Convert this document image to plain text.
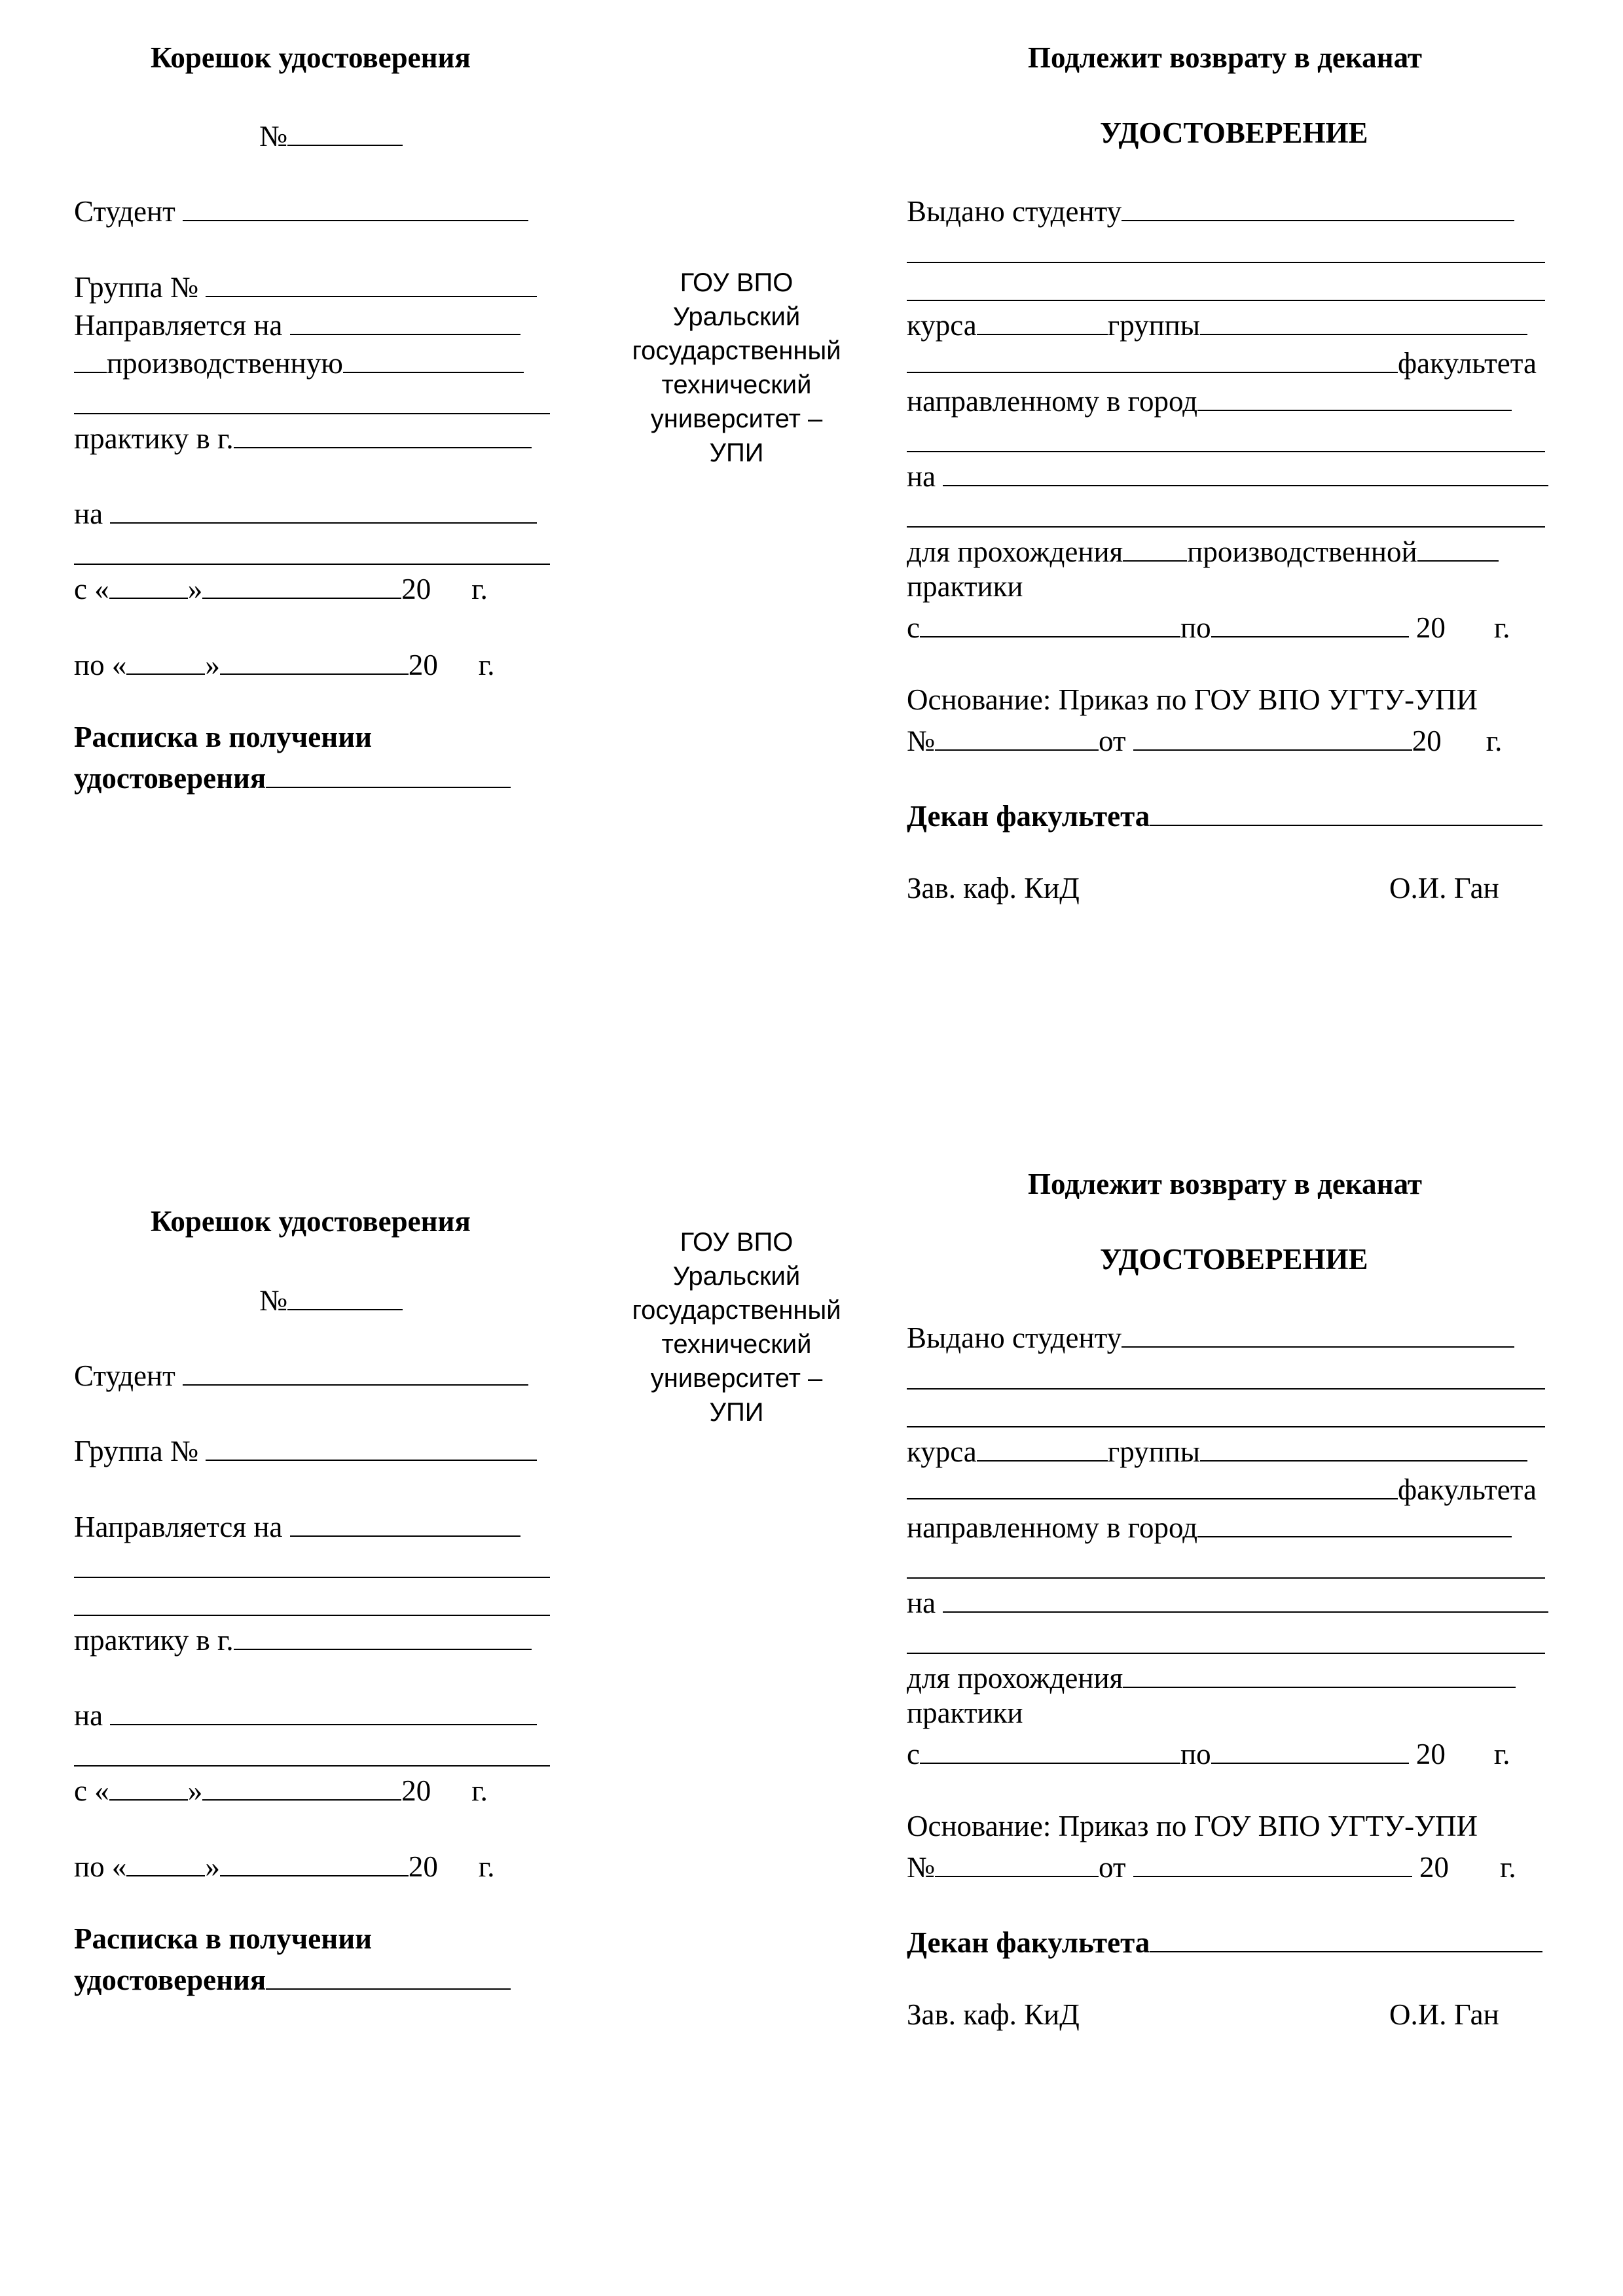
Корешок удостоверения
№
Студент
Группа №
Направляется на
производственную
практику в г.
на
с «	»	20 г.
по «	»	20 г.
Расписка в получении
удостоверения
ГОУ ВПО
Уральский
государственный
технический
университет –
УПИ
Подлежит возврату в деканат
УДОСТОВЕРЕНИЕ
Выдано студенту
курса	группы
факультета
направленному в город
на
для прохождения производственной
практики
с	по	20 г.
Основание: Приказ по ГОУ ВПО УГТУ-УПИ
№	от	20 г.
Декан факультета
Зав. каф. КиД	О.И. Ган
Корешок удостоверения
№
Студент
Группа №
Направляется на
практику в г.
на
с «	»	20 г.
по «	»	20 г.
Расписка в получении
удостоверения
ГОУ ВПО
Уральский
государственный
технический
университет –
УПИ
Подлежит возврату в деканат
УДОСТОВЕРЕНИЕ
Выдано студенту
курса	группы
факультета
направленному в город
на
для прохождения
практики
с	по	20 г.
Основание: Приказ по ГОУ ВПО УГТУ-УПИ
№	от	20 г.
Декан факультета
Зав. каф. КиД	О.И. Ган
